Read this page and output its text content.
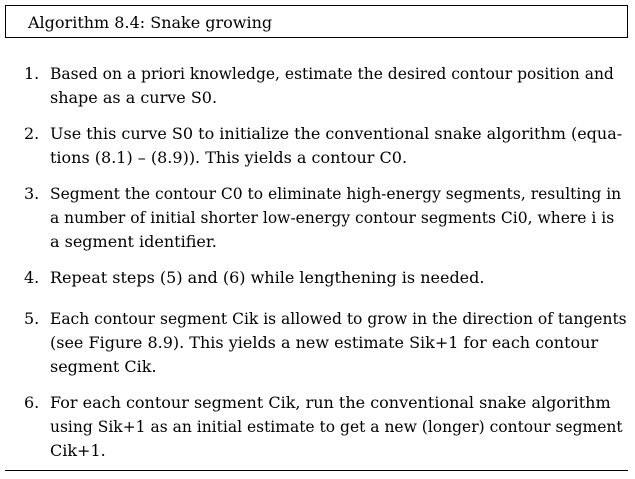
Algorithm 8.4: Snake growing
1. Based on a priori knowledge, estimate the desired contour position and
shape as a curve S0.
2. Use this curve S0 to initialize the conventional snake algorithm (equa-
tions (8.1) – (8.9)). This yields a contour C0.
3. Segment the contour C0 to eliminate high-energy segments, resulting in
a number of initial shorter low-energy contour segments Ci0, where i is
a segment identifier.
4. Repeat steps (5) and (6) while lengthening is needed.
5. Each contour segment Cik is allowed to grow in the direction of tangents
(see Figure 8.9). This yields a new estimate Sik+1 for each contour
segment Cik.
6. For each contour segment Cik, run the conventional snake algorithm
using Sik+1 as an initial estimate to get a new (longer) contour segment
Cik+1.
